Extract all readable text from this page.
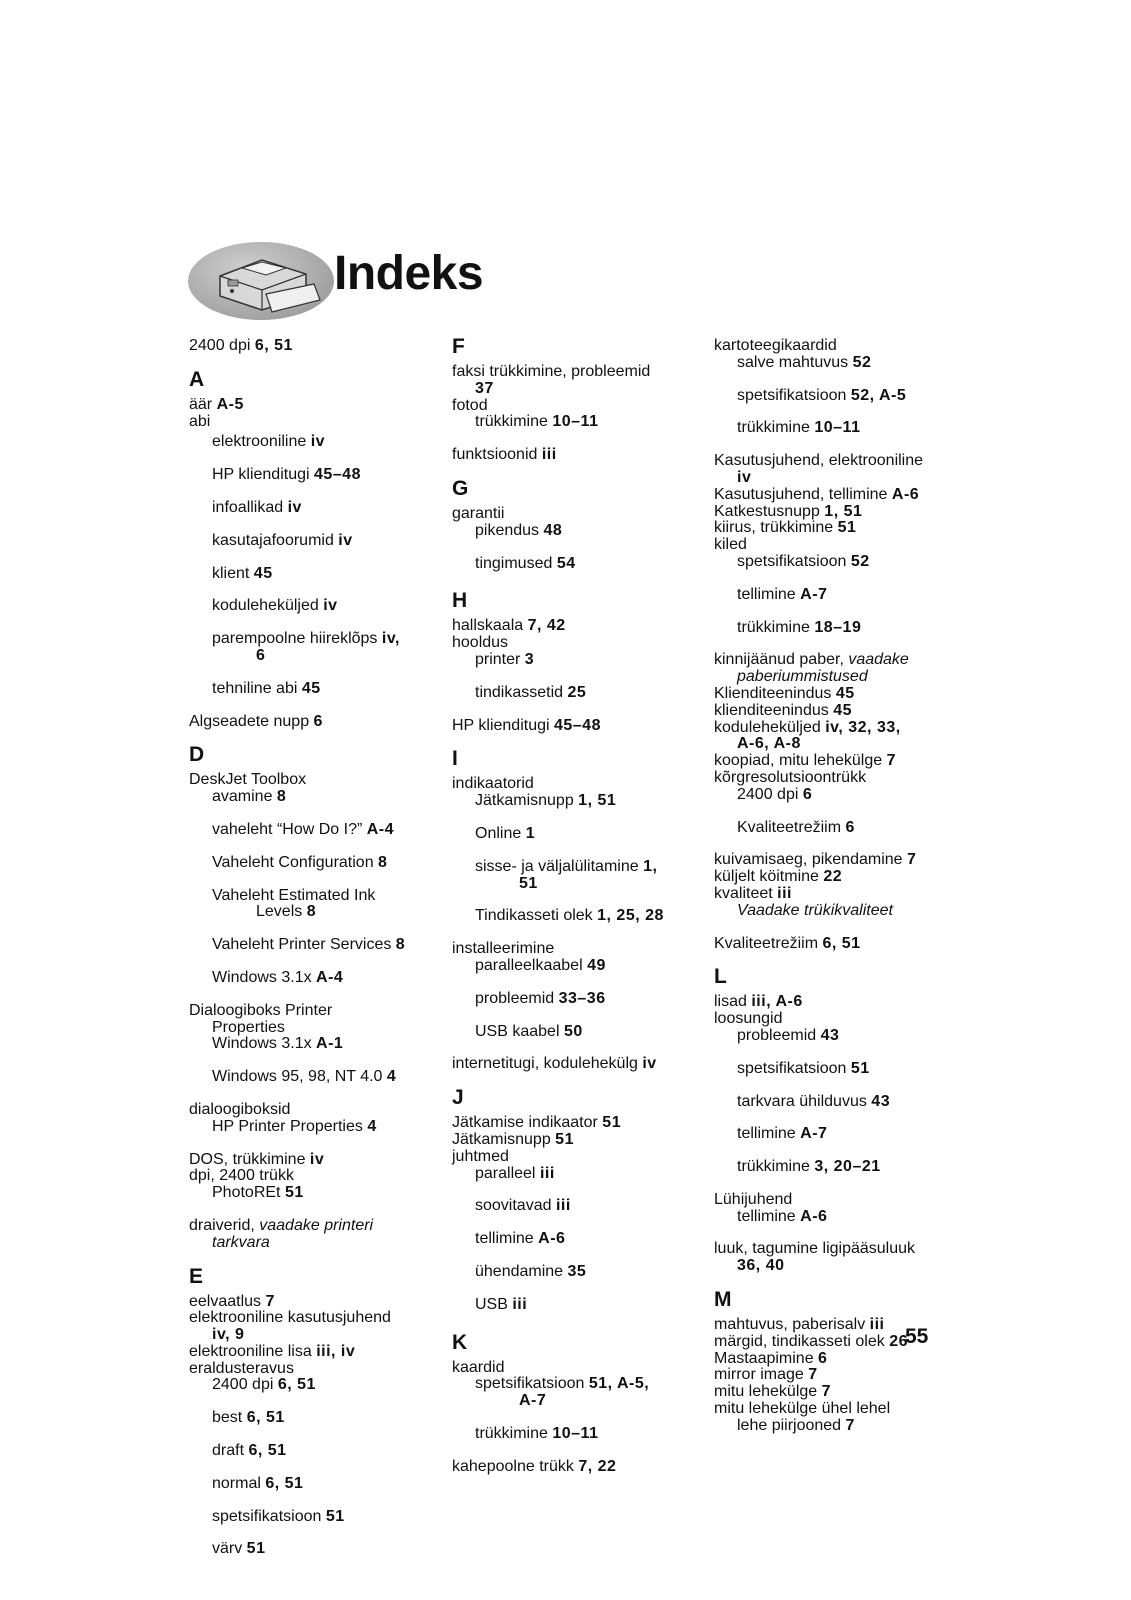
Indeks

2400 dpi 6, 51

A

äär A-5

abi

elektrooniline iv

HP klienditugi 45–48

infoallikad iv

kasutajafoorumid iv

klient 45

koduleheküljed iv

parempoolne hiireklõps iv,
6

tehniline abi 45

Algseadete nupp 6

D

DeskJet Toolbox

avamine 8

vaheleht “How Do I?” A-4

Vaheleht Configuration 8

Vaheleht Estimated Ink
Levels 8

Vaheleht Printer Services 8

Windows 3.1x A-4

Dialoogiboks Printer
Properties

Windows 3.1x A-1

Windows 95, 98, NT 4.0 4

dialoogiboksid

HP Printer Properties 4

DOS, trükkimine iv

dpi, 2400 trükk

PhotoREt 51

draiverid, vaadake printeri
tarkvara

E

eelvaatlus 7

elektrooniline kasutusjuhend
iv, 9

elektrooniline lisa iii, iv

eraldusteravus

2400 dpi 6, 51

best 6, 51

draft 6, 51

normal 6, 51

spetsifikatsioon 51

värv 51

F

faksi trükkimine, probleemid
37

fotod

trükkimine 10–11

funktsioonid iii

G

garantii

pikendus 48

tingimused 54

H

hallskaala 7, 42

hooldus

printer 3

tindikassetid 25

HP klienditugi 45–48

I

indikaatorid

Jätkamisnupp 1, 51

Online 1

sisse- ja väljalülitamine 1,
51

Tindikasseti olek 1, 25, 28

installeerimine

paralleelkaabel 49

probleemid 33–36

USB kaabel 50

internetitugi, kodulehekülg iv

J

Jätkamise indikaator 51

Jätkamisnupp 51

juhtmed

paralleel iii

soovitavad iii

tellimine A-6

ühendamine 35

USB iii

K

kaardid

spetsifikatsioon 51, A-5,
A-7

trükkimine 10–11

kahepoolne trükk 7, 22

kartoteegikaardid

salve mahtuvus 52

spetsifikatsioon 52, A-5

trükkimine 10–11

Kasutusjuhend, elektrooniline
iv

Kasutusjuhend, tellimine A-6

Katkestusnupp 1, 51

kiirus, trükkimine 51

kiled

spetsifikatsioon 52

tellimine A-7

trükkimine 18–19

kinnijäänud paber, vaadake
paberiummistused

Klienditeenindus 45

klienditeenindus 45

koduleheküljed iv, 32, 33,
A-6, A-8

koopiad, mitu lehekülge 7

kõrgresolutsioontrükk

2400 dpi 6

Kvaliteetrežiim 6

kuivamisaeg, pikendamine 7

küljelt köitmine 22

kvaliteet iii

Vaadake trükikvaliteet

Kvaliteetrežiim 6, 51

L

lisad iii, A-6

loosungid

probleemid 43

spetsifikatsioon 51

tarkvara ühilduvus 43

tellimine A-7

trükkimine 3, 20–21

Lühijuhend

tellimine A-6

luuk, tagumine ligipääsuluuk
36, 40

M

mahtuvus, paberisalv iii

märgid, tindikasseti olek 26

Mastaapimine 6

mirror image 7

mitu lehekülge 7

mitu lehekülge ühel lehel

lehe piirjooned 7

55
